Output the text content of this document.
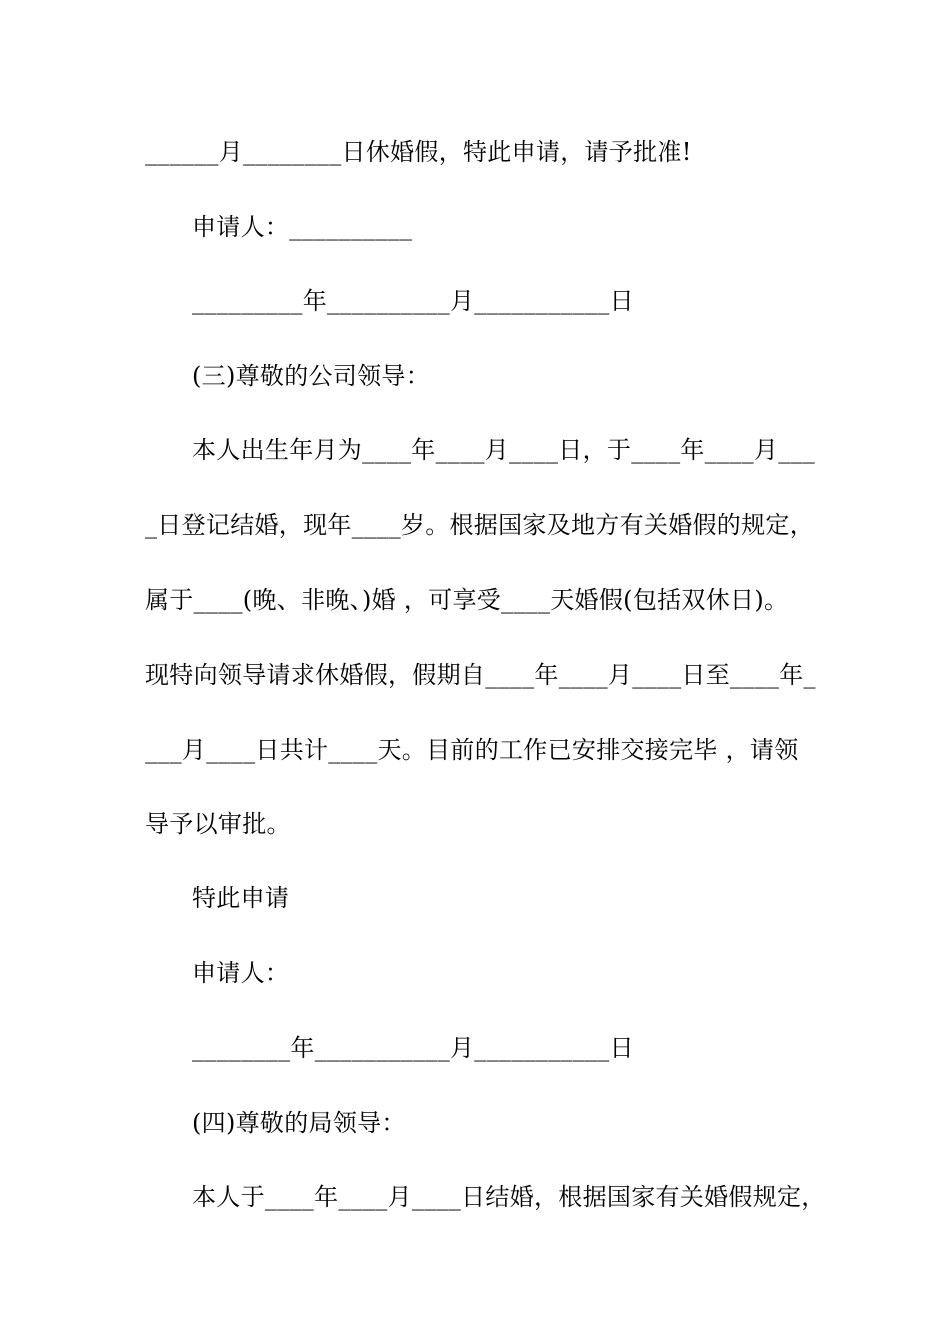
______月________日休婚假，特此申请，请予批准!
申请人：__________
_________年__________月___________日
(三)尊敬的公司领导：
本人出生年月为____年____月____日，于____年____月___
_日登记结婚，现年____岁。根据国家及地方有关婚假的规定，
属于____(晚、非晚、)婚 ，可享受____天婚假(包括双休日)。
现特向领导请求休婚假，假期自____年____月____日至____年_
___月____日共计____天。目前的工作已安排交接完毕 ，请领
导予以审批。
特此申请
申请人：
________年___________月___________日
(四)尊敬的局领导：
本人于____年____月____日结婚，根据国家有关婚假规定，
